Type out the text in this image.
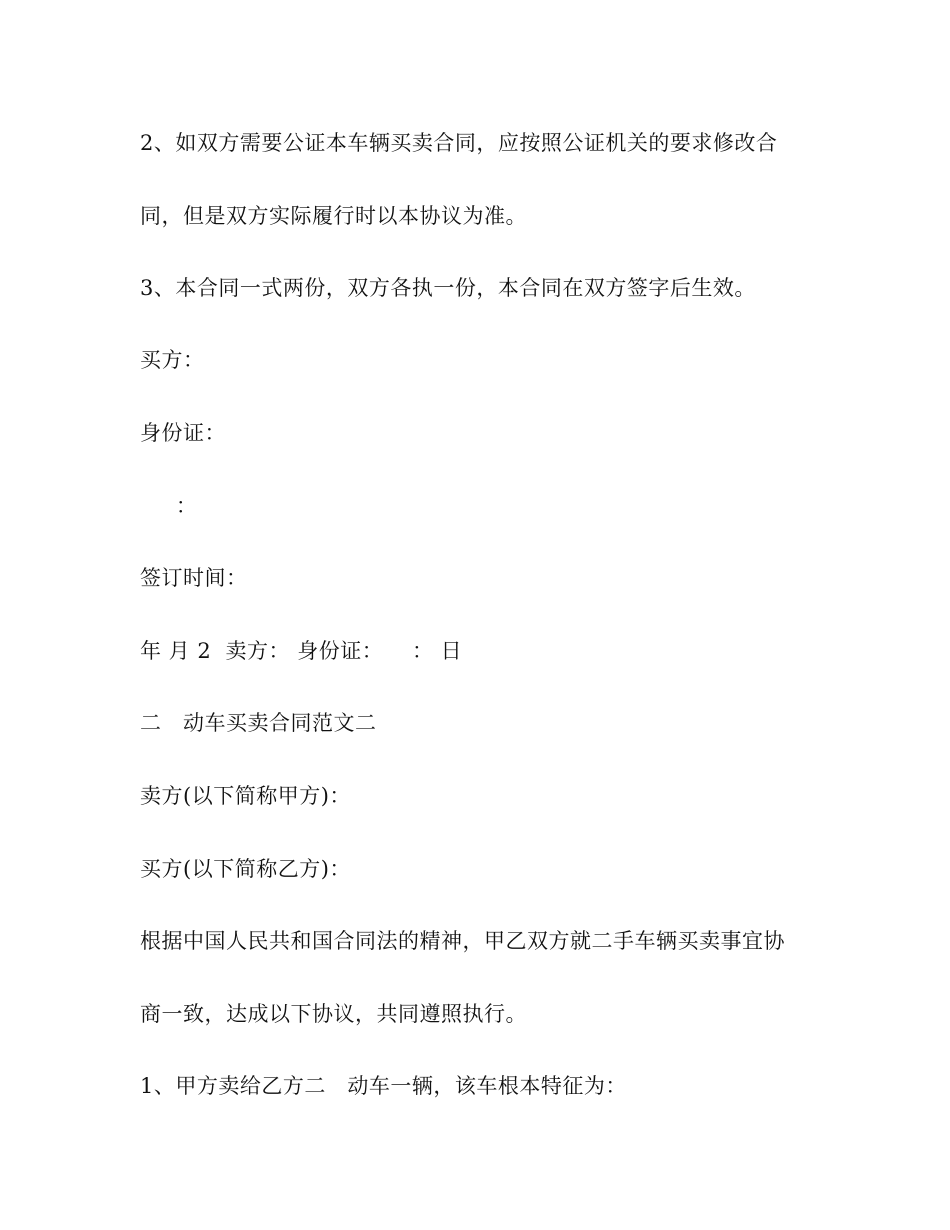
2、如双方需要公证本车辆买卖合同，应按照公证机关的要求修改合

同，但是双方实际履行时以本协议为准。

3、本合同一式两份，双方各执一份，本合同在双方签字后生效。

买方：

身份证：

：

签订时间：

年 月 2  卖方： 身份证：    ： 日

二   动车买卖合同范文二

卖方(以下简称甲方)：

买方(以下简称乙方)：

根据中国人民共和国合同法的精神，甲乙双方就二手车辆买卖事宜协

商一致，达成以下协议，共同遵照执行。

1、甲方卖给乙方二   动车一辆，该车根本特征为：
